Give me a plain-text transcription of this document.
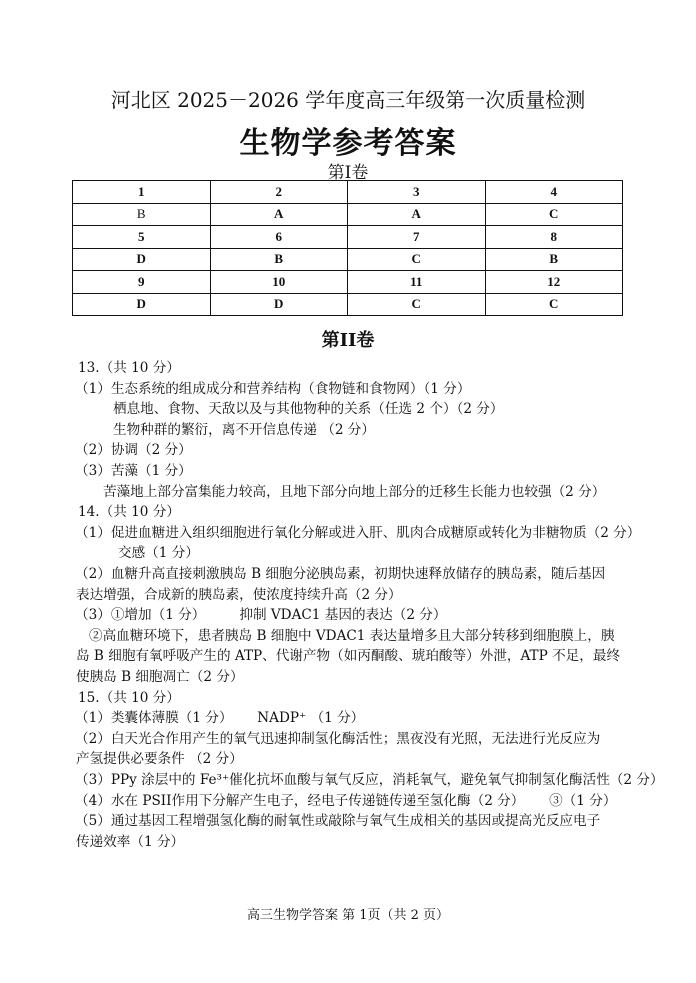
河北区 2025－2026 学年度高三年级第一次质量检测
生物学参考答案
第Ⅰ卷
1	2	3	4
B	A	A	C
5	6	7	8
D	B	C	B
9	10	11	12
D	D	C	C
第II卷
13.（共 10 分）
（1）生态系统的组成成分和营养结构（食物链和食物网）（1 分）
栖息地、食物、天敌以及与其他物种的关系（任选 2 个）（2 分）
生物种群的繁衍，离不开信息传递 （2 分）
（2）协调（2 分）
（3）苦藻（1 分）
苦藻地上部分富集能力较高，且地下部分向地上部分的迁移生长能力也较强（2 分）
14.（共 10 分）
（1）促进血糖进入组织细胞进行氧化分解或进入肝、肌肉合成糖原或转化为非糖物质（2 分）
交感（1 分）
（2）血糖升高直接刺激胰岛 B 细胞分泌胰岛素，初期快速释放储存的胰岛素，随后基因
表达增强，合成新的胰岛素，使浓度持续升高（2 分）
（3）①增加（1 分）　　　抑制 VDAC1 基因的表达（2 分）
②高血糖环境下，患者胰岛 B 细胞中 VDAC1 表达量增多且大部分转移到细胞膜上，胰
岛 B 细胞有氧呼吸产生的 ATP、代谢产物（如丙酮酸、琥珀酸等）外泄，ATP 不足，最终
使胰岛 B 细胞凋亡（2 分）
15.（共 10 分）
（1）类囊体薄膜（1 分）　　 NADP⁺ （1 分）
（2）白天光合作用产生的氧气迅速抑制氢化酶活性；黑夜没有光照，无法进行光反应为
产氢提供必要条件 （2 分）
（3）PPy 涂层中的 Fe³⁺催化抗坏血酸与氧气反应，消耗氧气，避免氧气抑制氢化酶活性（2 分）
（4）水在 PSII作用下分解产生电子，经电子传递链传递至氢化酶（2 分）　　 ③（1 分）
（5）通过基因工程增强氢化酶的耐氧性或敲除与氧气生成相关的基因或提高光反应电子
传递效率（1 分）
高三生物学答案 第 1页（共 2 页）
